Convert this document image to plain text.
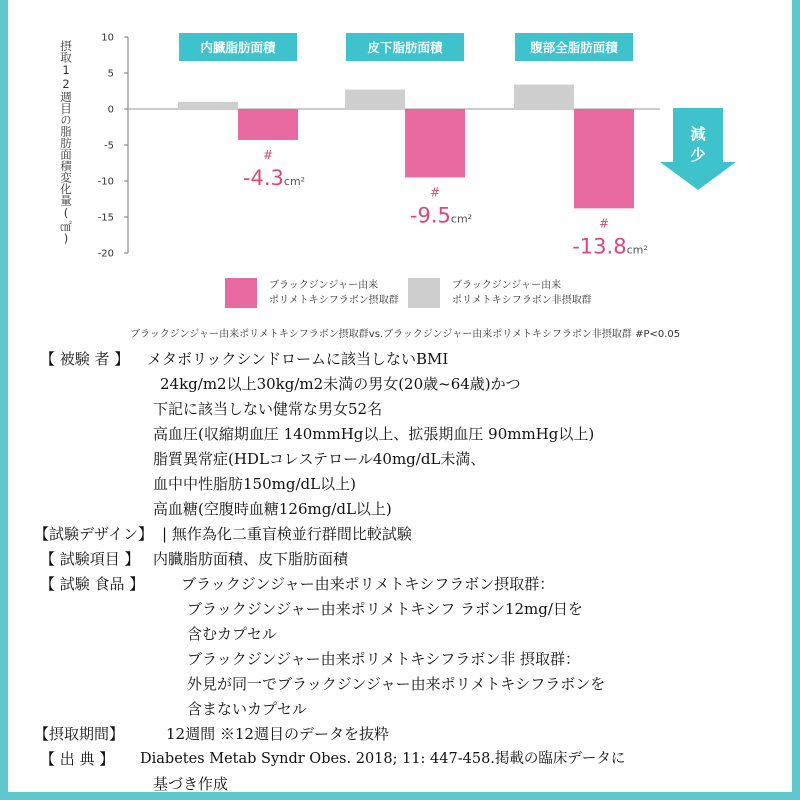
10
5
0
-5
-10
-15
-20
内臓脂肪面積
#
-4.3cm²
皮下脂肪面積
#
-9.5cm²
腹部全脂肪面積
#
-13.8cm²
減
少
摂取12週目の脂肪面積変化量(㎠)
ブラックジンジャー由来
ポリメトキシフラボン摂取群
ブラックジンジャー由来
ポリメトキシフラボン非摂取群
ブラックジンジャー由来ポリメトキシフラボン摂取群vs.ブラックジンジャー由来ポリメトキシフラボン非摂取群 #P<0.05
【 被験 者 】 メタボリックシンドロームに該当しないBMI
24kg/m2以上30kg/m2未満の男女(20歳~64歳)かつ
下記に該当しない健常な男女52名
高血圧(収縮期血圧 140mmHg以上、拡張期血圧 90mmHg以上)
脂質異常症(HDLコレステロール40mg/dL未満、
血中中性脂肪150mg/dL以上)
高血糖(空腹時血糖126mg/dL以上)
【試験デザイン】 | 無作為化二重盲検並行群間比較試験
【 試験項目 】 内臓脂肪面積、皮下脂肪面積
【 試験 食品 】 ブラックジンジャー由来ポリメトキシフラボン摂取群：
ブラックジンジャー由来ポリメトキシフ ラボン12mg/日を
含むカプセル
ブラックジンジャー由来ポリメトキシフラボン非 摂取群：
外見が同一でブラックジンジャー由来ポリメトキシフラボンを
含まないカプセル
【摂取期間】	12週間 ※12週目のデータを抜粋
【 出 典 】 Diabetes Metab Syndr Obes. 2018; 11: 447-458.掲載の臨床データに
基づき作成
